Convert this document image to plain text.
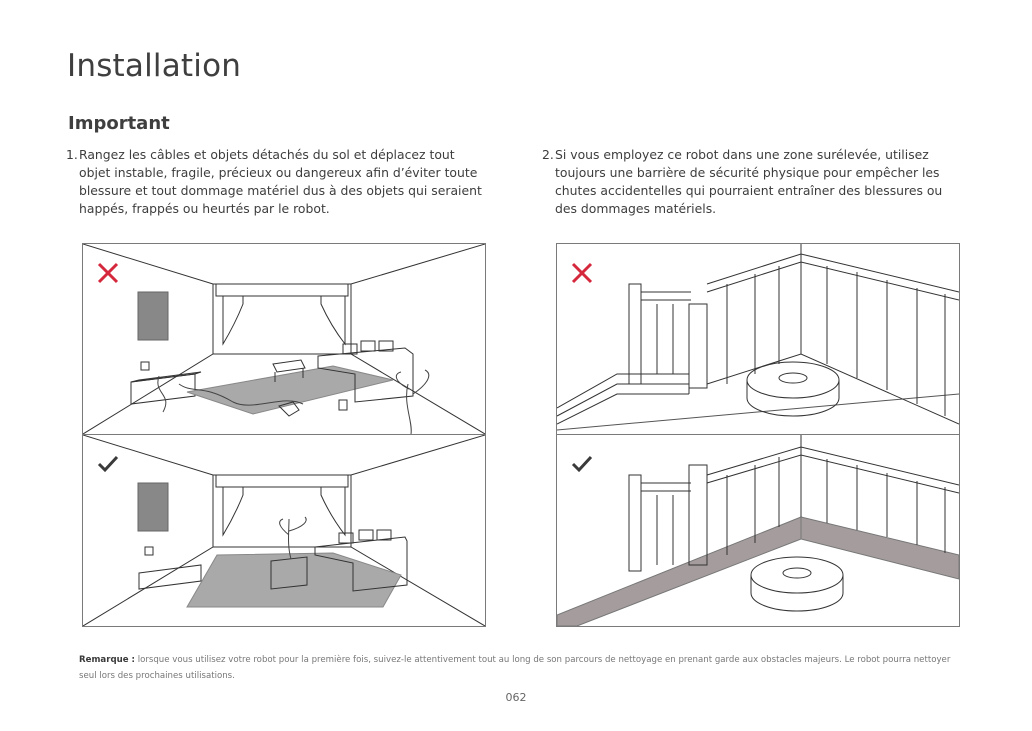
Installation
Important

1. Rangez les câbles et objets détachés du sol et déplacez tout objet instable, fragile, précieux ou dangereux afin d’éviter toute blessure et tout dommage matériel dus à des objets qui seraient happés, frappés ou heurtés par le robot.

2. Si vous employez ce robot dans une zone surélevée, utilisez toujours une barrière de sécurité physique pour empêcher les chutes accidentelles qui pourraient entraîner des blessures ou des dommages matériels.

Remarque : lorsque vous utilisez votre robot pour la première fois, suivez-le attentivement tout au long de son parcours de nettoyage en prenant garde aux obstacles majeurs. Le robot pourra nettoyer seul lors des prochaines utilisations.

062
